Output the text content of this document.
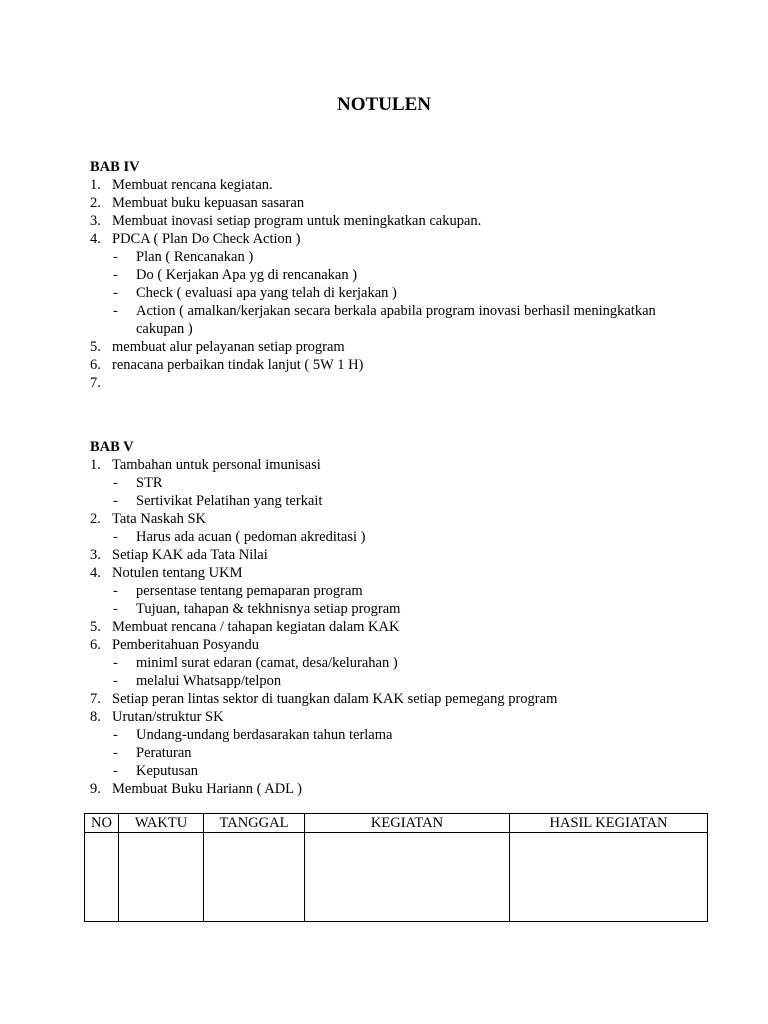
NOTULEN
BAB IV
1. Membuat rencana kegiatan.
2. Membuat buku kepuasan sasaran
3. Membuat inovasi setiap program untuk meningkatkan cakupan.
4. PDCA ( Plan Do Check Action )
- Plan ( Rencanakan )
- Do ( Kerjakan Apa yg di rencanakan )
- Check ( evaluasi apa yang telah di kerjakan )
- Action ( amalkan/kerjakan secara berkala apabila program inovasi berhasil meningkatkan cakupan )
5. membuat alur pelayanan setiap program
6. renacana perbaikan tindak lanjut ( 5W 1 H)
7.
BAB V
1. Tambahan untuk personal imunisasi
- STR
- Sertivikat Pelatihan yang terkait
2. Tata Naskah SK
- Harus ada acuan ( pedoman akreditasi )
3. Setiap KAK ada Tata Nilai
4. Notulen tentang UKM
- persentase tentang pemaparan program
- Tujuan, tahapan & tekhnisnya setiap program
5. Membuat rencana / tahapan kegiatan dalam KAK
6. Pemberitahuan Posyandu
- miniml surat edaran (camat, desa/kelurahan )
- melalui Whatsapp/telpon
7. Setiap peran lintas sektor di tuangkan dalam KAK setiap pemegang program
8. Urutan/struktur SK
- Undang-undang berdasarakan tahun terlama
- Peraturan
- Keputusan
9. Membuat Buku Hariann ( ADL )
NO	WAKTU	TANGGAL	KEGIATAN	HASIL KEGIATAN
